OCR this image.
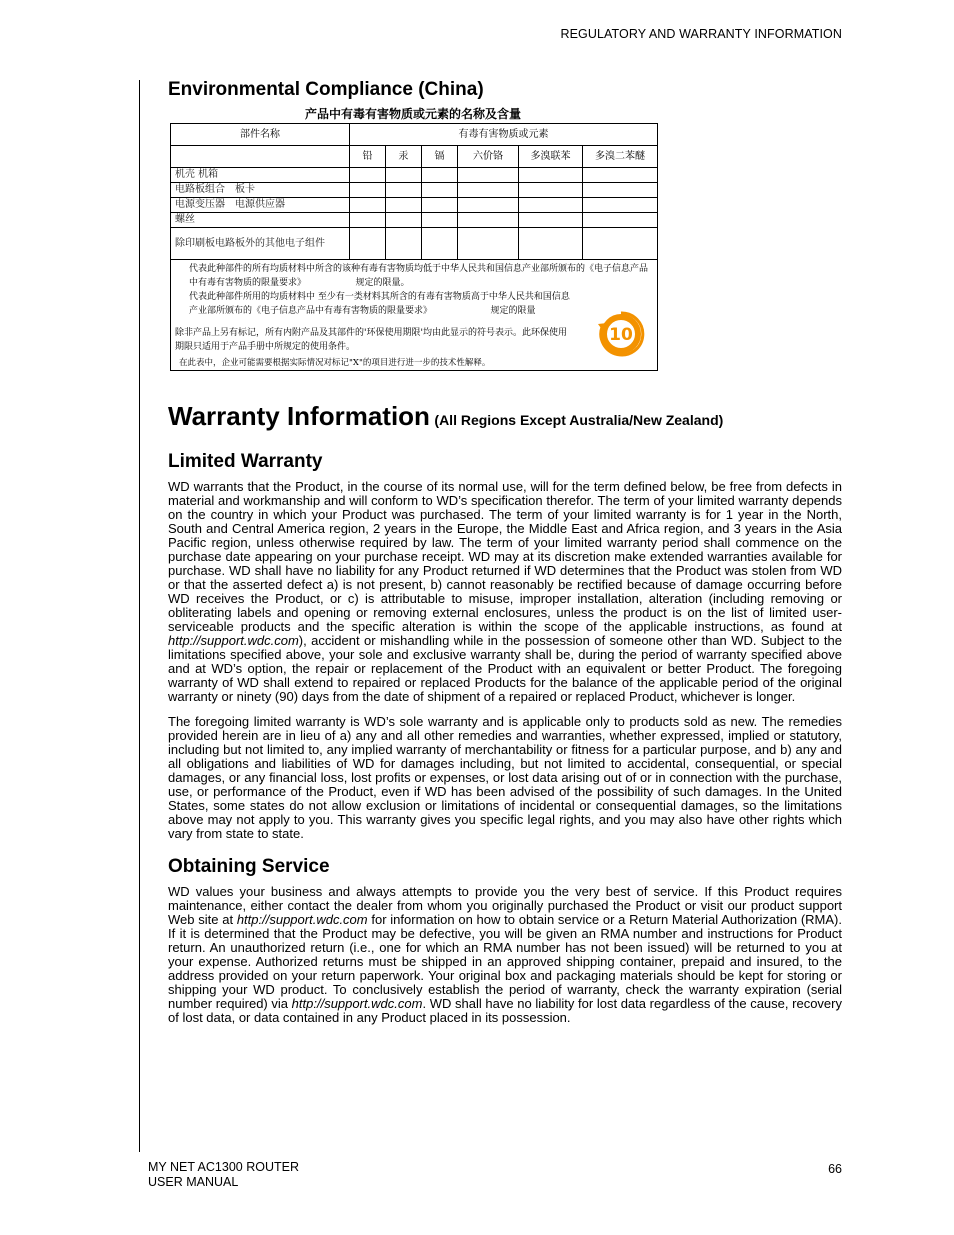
REGULATORY AND WARRANTY INFORMATION
Environmental Compliance (China)
产品中有毒有害物质或元素的名称及含量
部件名称	有毒有害物质或元素					
	铅	汞	镉	六价铬	多溴联苯	多溴二苯醚
机壳 机箱						
电路板组合　板卡						
电源变压器　电源供应器						
螺丝						
除印刷板电路板外的其他电子组件						

代表此种部件的所有均质材料中所含的该种有毒有害物质均低于中华人民共和国信息产业部所颁布的《电子信息产品中有毒有害物质的限量要求》　　　　　　规定的限量。

代表此种部件所用的均质材料中 至少有一类材料其所含的有毒有害物质高于中华人民共和国信息产业部所颁布的《电子信息产品中有毒有害物质的限量要求》　　　　　　　规定的限量

除非产品上另有标记，所有内附产品及其部件的'环保使用期限'均由此显示的符号表示。此环保使用期限只适用于产品手册中所规定的使用条件。

在此表中，企业可能需要根据实际情况对标记"X"的项目进行进一步的技术性解释。

10						
Warranty Information (All Regions Except Australia/New Zealand)
Limited Warranty

WD warrants that the Product, in the course of its normal use, will for the term defined below, be free from defects in material and workmanship and will conform to WD’s specification therefor. The term of your limited warranty depends on the country in which your Product was purchased. The term of your limited warranty is for 1 year in the North, South and Central America region, 2 years in the Europe, the Middle East and Africa region, and 3 years in the Asia Pacific region, unless otherwise required by law. The term of your limited warranty period shall commence on the purchase date appearing on your purchase receipt. WD may at its discretion make extended warranties available for purchase. WD shall have no liability for any Product returned if WD determines that the Product was stolen from WD or that the asserted defect a) is not present, b) cannot reasonably be rectified because of damage occurring before WD receives the Product, or c) is attributable to misuse, improper installation, alteration (including removing or obliterating labels and opening or removing external enclosures, unless the product is on the list of limited user-serviceable products and the specific alteration is within the scope of the applicable instructions, as found at http://support.wdc.com), accident or mishandling while in the possession of someone other than WD. Subject to the limitations specified above, your sole and exclusive warranty shall be, during the period of warranty specified above and at WD’s option, the repair or replacement of the Product with an equivalent or better Product. The foregoing warranty of WD shall extend to repaired or replaced Products for the balance of the applicable period of the original warranty or ninety (90) days from the date of shipment of a repaired or replaced Product, whichever is longer.

The foregoing limited warranty is WD’s sole warranty and is applicable only to products sold as new. The remedies provided herein are in lieu of a) any and all other remedies and warranties, whether expressed, implied or statutory, including but not limited to, any implied warranty of merchantability or fitness for a particular purpose, and b) any and all obligations and liabilities of WD for damages including, but not limited to accidental, consequential, or special damages, or any financial loss, lost profits or expenses, or lost data arising out of or in connection with the purchase, use, or performance of the Product, even if WD has been advised of the possibility of such damages. In the United States, some states do not allow exclusion or limitations of incidental or consequential damages, so the limitations above may not apply to you. This warranty gives you specific legal rights, and you may also have other rights which vary from state to state.

Obtaining Service

WD values your business and always attempts to provide you the very best of service. If this Product requires maintenance, either contact the dealer from whom you originally purchased the Product or visit our product support Web site at http://support.wdc.com for information on how to obtain service or a Return Material Authorization (RMA). If it is determined that the Product may be defective, you will be given an RMA number and instructions for Product return. An unauthorized return (i.e., one for which an RMA number has not been issued) will be returned to you at your expense. Authorized returns must be shipped in an approved shipping container, prepaid and insured, to the address provided on your return paperwork. Your original box and packaging materials should be kept for storing or shipping your WD product. To conclusively establish the period of warranty, check the warranty expiration (serial number required) via http://support.wdc.com. WD shall have no liability for lost data regardless of the cause, recovery of lost data, or data contained in any Product placed in its possession.

MY NET AC1300 ROUTER
USER MANUAL
66
